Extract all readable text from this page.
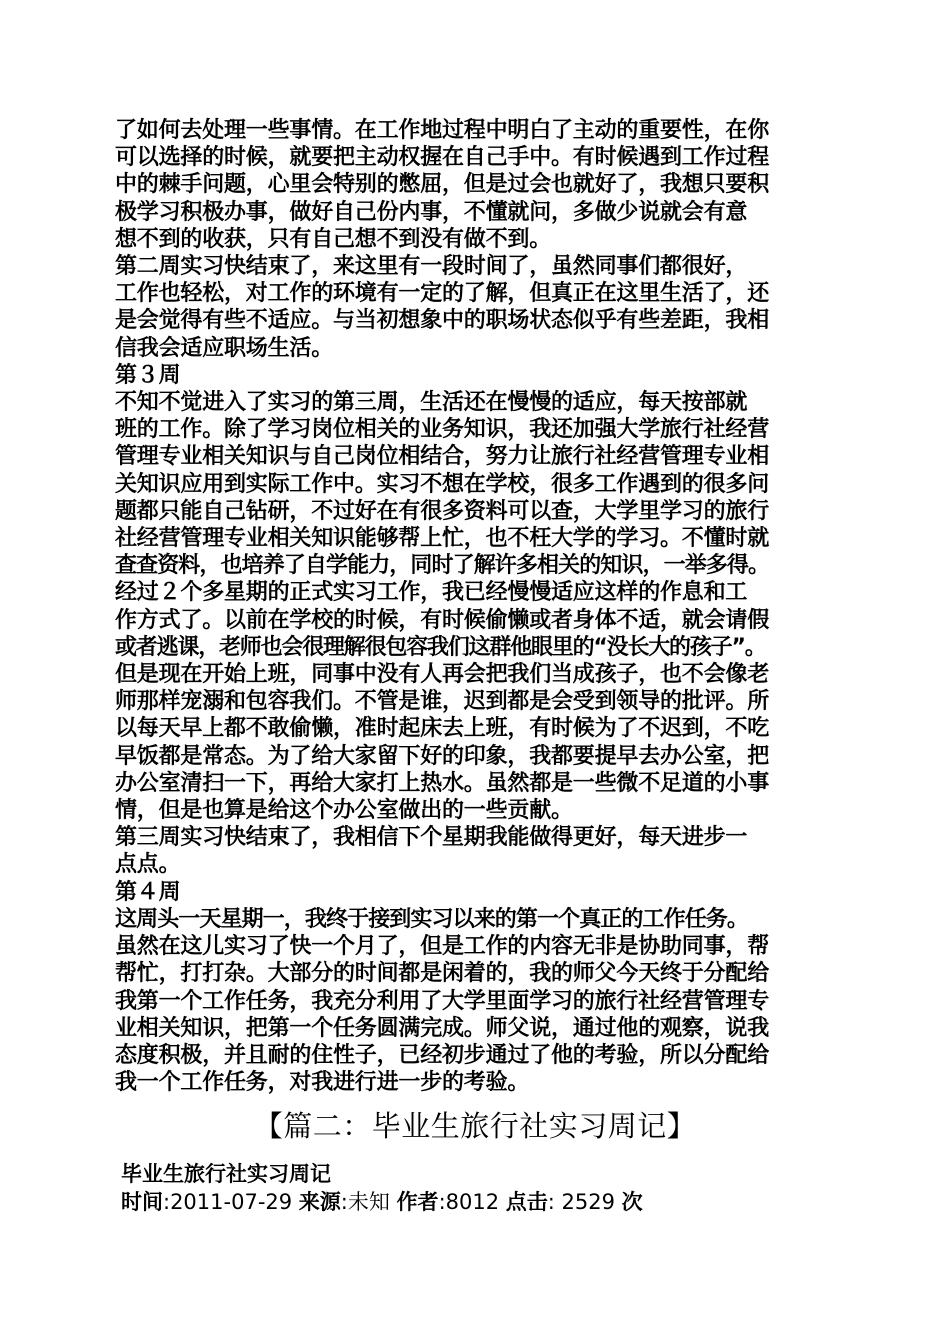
了如何去处理一些事情。在工作地过程中明白了主动的重要性，在你

可以选择的时候，就要把主动权握在自己手中。有时候遇到工作过程

中的棘手问题，心里会特别的憋屈，但是过会也就好了，我想只要积

极学习积极办事，做好自己份内事，不懂就问，多做少说就会有意

想不到的收获，只有自己想不到没有做不到。

第二周实习快结束了，来这里有一段时间了，虽然同事们都很好，

工作也轻松，对工作的环境有一定的了解，但真正在这里生活了，还

是会觉得有些不适应。与当初想象中的职场状态似乎有些差距，我相

信我会适应职场生活。

第３周

不知不觉进入了实习的第三周，生活还在慢慢的适应，每天按部就

班的工作。除了学习岗位相关的业务知识，我还加强大学旅行社经营

管理专业相关知识与自己岗位相结合，努力让旅行社经营管理专业相

关知识应用到实际工作中。实习不想在学校，很多工作遇到的很多问

题都只能自己钻研，不过好在有很多资料可以查，大学里学习的旅行

社经营管理专业相关知识能够帮上忙，也不枉大学的学习。不懂时就

查查资料，也培养了自学能力，同时了解许多相关的知识，一举多得。

经过２个多星期的正式实习工作，我已经慢慢适应这样的作息和工

作方式了。以前在学校的时候，有时候偷懒或者身体不适，就会请假

或者逃课，老师也会很理解很包容我们这群他眼里的“没长大的孩子”。

但是现在开始上班，同事中没有人再会把我们当成孩子，也不会像老

师那样宠溺和包容我们。不管是谁，迟到都是会受到领导的批评。所

以每天早上都不敢偷懒，准时起床去上班，有时候为了不迟到，不吃

早饭都是常态。为了给大家留下好的印象，我都要提早去办公室，把

办公室清扫一下，再给大家打上热水。虽然都是一些微不足道的小事

情，但是也算是给这个办公室做出的一些贡献。

第三周实习快结束了，我相信下个星期我能做得更好，每天进步一

点点。

第４周

这周头一天星期一，我终于接到实习以来的第一个真正的工作任务。

虽然在这儿实习了快一个月了，但是工作的内容无非是协助同事，帮

帮忙，打打杂。大部分的时间都是闲着的，我的师父今天终于分配给

我第一个工作任务，我充分利用了大学里面学习的旅行社经营管理专

业相关知识，把第一个任务圆满完成。师父说，通过他的观察，说我

态度积极，并且耐的住性子，已经初步通过了他的考验，所以分配给

我一个工作任务，对我进行进一步的考验。

【篇二：毕业生旅行社实习周记】
毕业生旅行社实习周记
时间:2011-07-29 来源:未知 作者:8012 点击: 2529 次
